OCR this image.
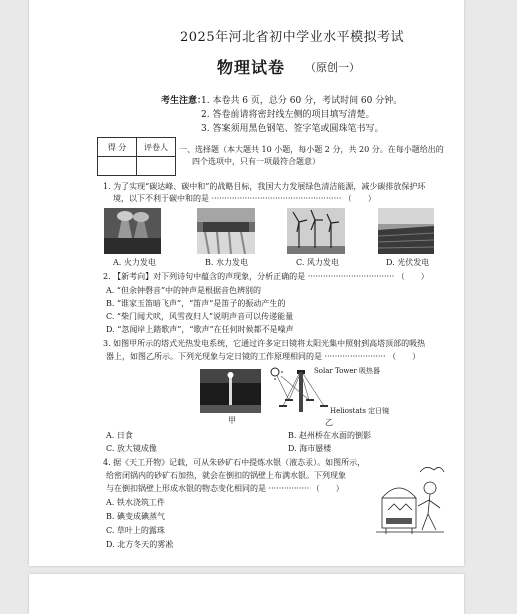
2025年河北省初中学业水平模拟考试
物理试卷 （原创一）
考生注意：
1. 本卷共 6 页，总分 60 分，考试时间 60 分钟。
2. 答卷前请将密封线左侧的项目填写清楚。
3. 答案须用黑色钢笔、签字笔或圆珠笔书写。
得 分	评卷人
	一、选择题（本大题共 10 小题，每小题 2 分，共 20 分。在每小题给出的
四个选项中，只有一项最符合题意）
1. 为了实现“碳达峰、碳中和”的战略目标，我国大力发展绿色清洁能源，减少碳排放保护环
境，以下不利于碳中和的是 ··················································· （　　）
A. 火力发电	B. 水力发电	C. 风力发电	D. 光伏发电
2. 【新考向】对下列诗句中蕴含的声现象，分析正确的是 ·································· （　　）
A. “但余钟磬音”中的钟声是根据音色辨别的
B. “谁家玉笛暗飞声”，“笛声”是笛子的振动产生的
C. “柴门闻犬吠，风雪夜归人”说明声音可以传递能量
D. “忽闻岸上踏歌声”，“歌声”在任何时候都不是噪声
3. 如图甲所示的塔式光热发电系统，它通过许多定日镜将太阳光集中照射到高塔顶部的吸热
器上，如图乙所示。下列光现象与定日镜的工作原理相同的是 ························ （　　）
甲
Solar Tower 吸热器
Heliostats 定日镜
乙
A. 日食	B. 赵州桥在水面的倒影
C. 放大镜成像	D. 海市蜃楼
4. 据《天工开物》记载，可从朱砂矿石中提炼水银（液态汞）。如图所示，
给密闭锅内的砂矿石加热，就会在倒扣的锅壁上布满水银。下列现象
与在倒扣锅壁上形成水银的物态变化相同的是 ················ （　　）
A. 铁水浇筑工件
B. 碘变成碘蒸气
C. 草叶上的露珠
D. 北方冬天的雾凇
